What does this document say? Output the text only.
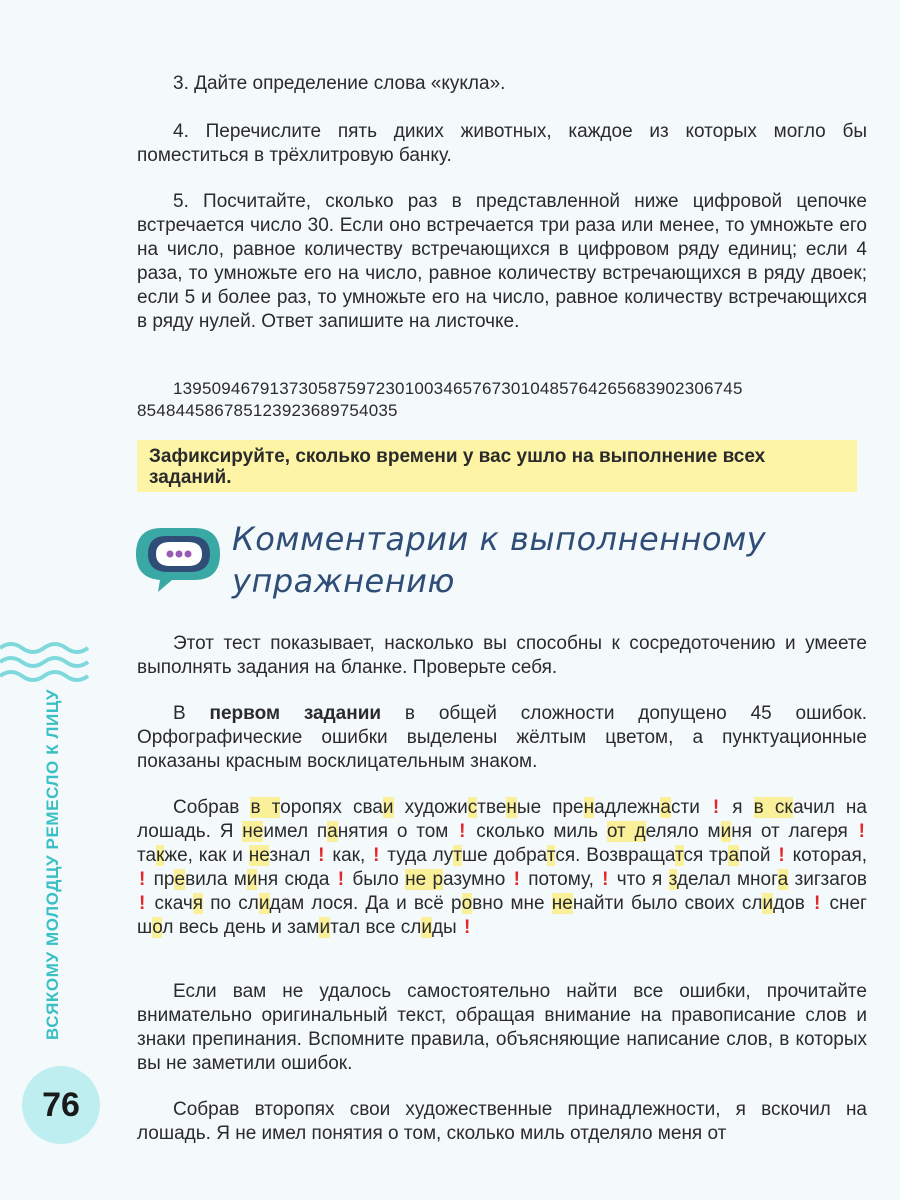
3. Дайте определение слова «кукла».

4. Перечислите пять диких животных, каждое из которых могло бы поместиться в трёхлитровую банку.

5. Посчитайте, сколько раз в представленной ниже цифровой цепочке встречается число 30. Если оно встречается три раза или менее, то умножьте его на число, равное количеству встречающихся в цифровом ряду единиц; если 4 раза, то умножьте его на число, равное количеству встречающихся в ряду двоек; если 5 и более раз, то умножьте его на число, равное количеству встречающихся в ряду нулей. Ответ запишите на листочке.

13950946791373058759723010034657673010485764265683902306745

854844586785123923689754035

Зафиксируйте, сколько времени у вас ушло на выполнение всех заданий.
Комментарии к выполненному упражнению

Этот тест показывает, насколько вы способны к сосредоточению и умеете выполнять задания на бланке. Проверьте себя.

В первом задании в общей сложности допущено 45 ошибок. Орфографические ошибки выделены жёлтым цветом, а пунктуационные показаны красным восклицательным знаком.

Собрав в торопях сваи художиственые пренадлежнасти ! я в скачил на лошадь. Я неимел панятия о том ! сколько миль от деляло миня от лагеря ! также, как и незнал ! как, ! туда лутше добратся. Возвращатся трапой ! которая, ! превила миня сюда ! было не разумно ! потому, ! что я зделал многа зигзагов ! скачя по слидам лося. Да и всё ровно мне ненайти было своих слидов ! снег шол весь день и замитал все слиды !

Если вам не удалось самостоятельно найти все ошибки, прочитайте внимательно оригинальный текст, обращая внимание на правописание слов и знаки препинания. Вспомните правила, объясняющие написание слов, в которых вы не заметили ошибок.

Собрав второпях свои художественные принадлежности, я вскочил на лошадь. Я не имел понятия о том, сколько миль отделяло меня от

ВСЯКОМУ МОЛОДЦУ РЕМЕСЛО К ЛИЦУ
76
